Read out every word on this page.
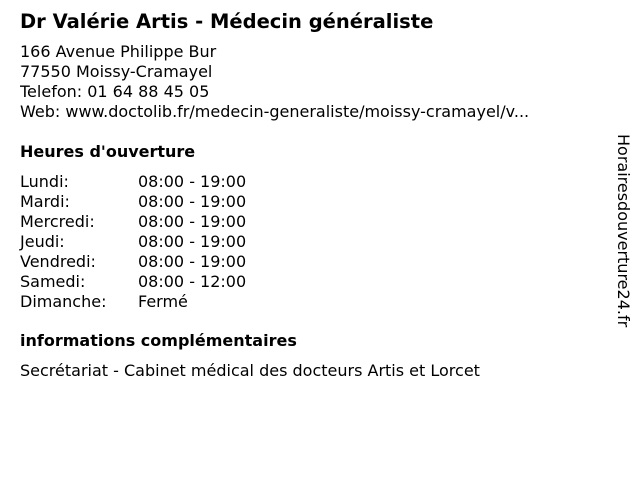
Dr Valérie Artis - Médecin généraliste
166 Avenue Philippe Bur
77550 Moissy-Cramayel
Telefon: 01 64 88 45 05
Web: www.doctolib.fr/medecin-generaliste/moissy-cramayel/v...
Heures d'ouverture
Lundi:	08:00 - 19:00
Mardi:	08:00 - 19:00
Mercredi:	08:00 - 19:00
Jeudi:	08:00 - 19:00
Vendredi:	08:00 - 19:00
Samedi:	08:00 - 12:00
Dimanche:	Fermé
informations complémentaires
Secrétariat - Cabinet médical des docteurs Artis et Lorcet
Horairesdouverture24.fr
